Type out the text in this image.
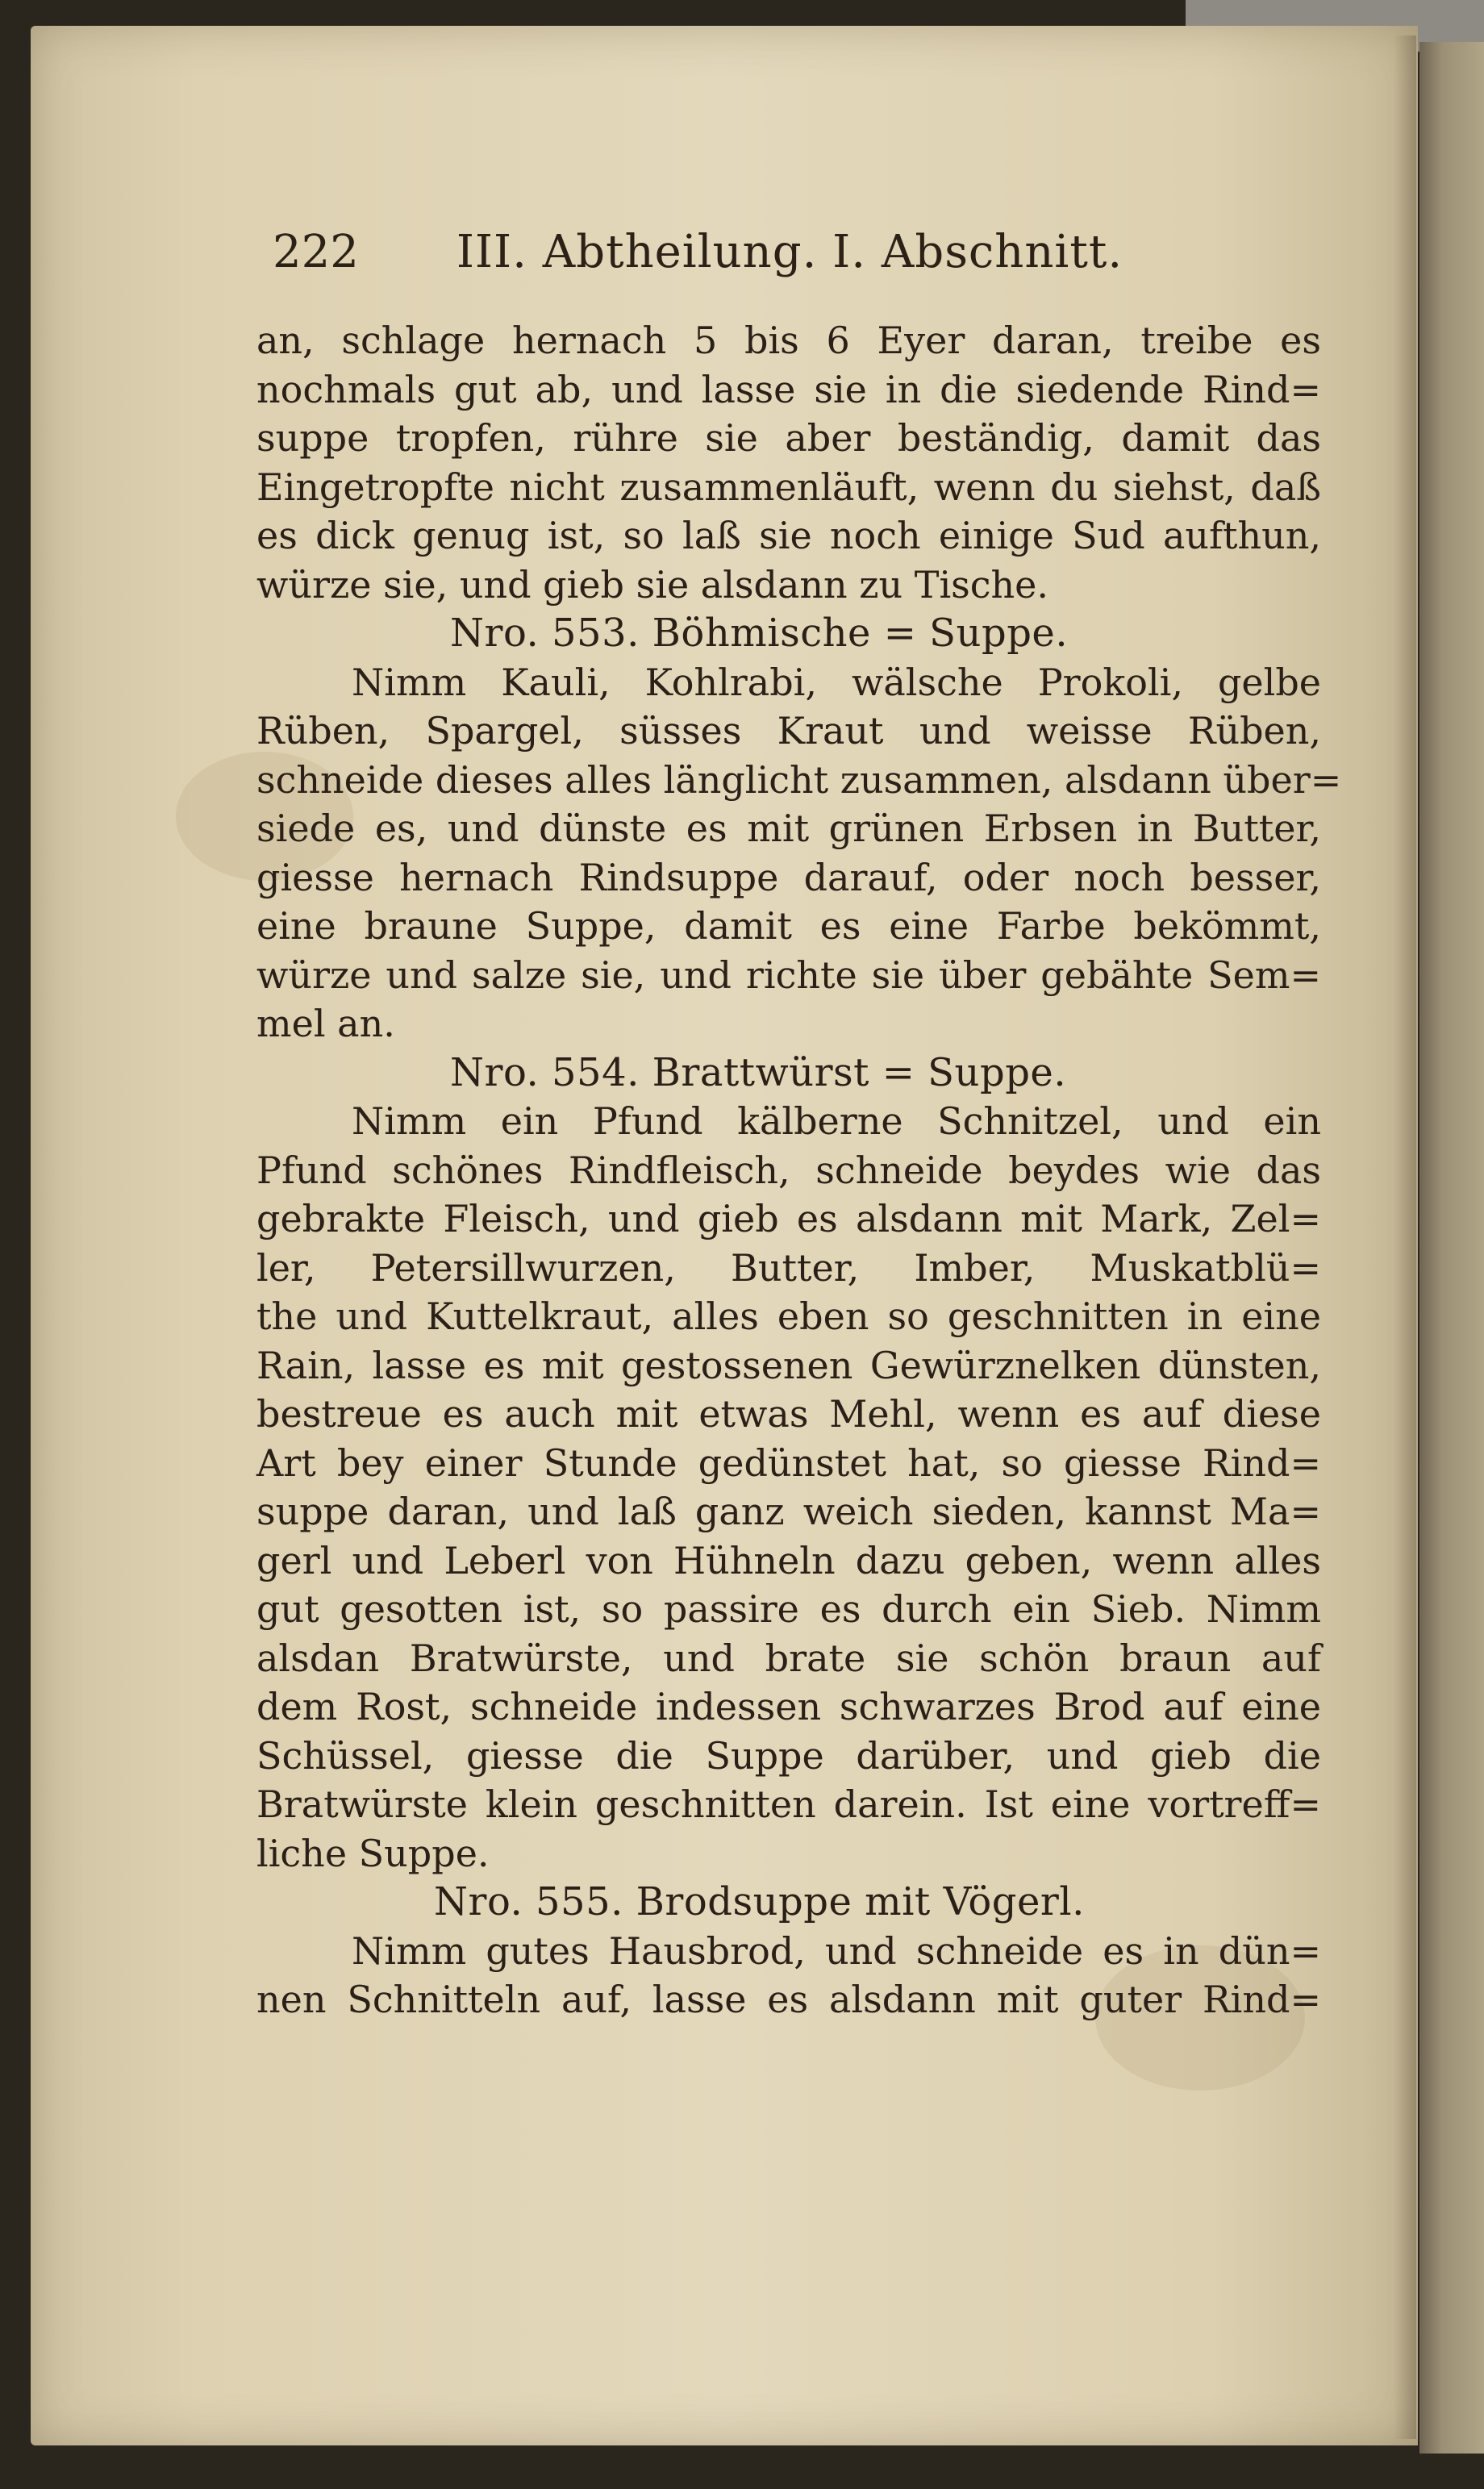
222 III. Abtheilung. I. Abschnitt.
an, schlage hernach 5 bis 6 Eyer daran, treibe es
nochmals gut ab, und lasse sie in die siedende Rind=
suppe tropfen, rühre sie aber beständig, damit das
Eingetropfte nicht zusammenläuft, wenn du siehst, daß
es dick genug ist, so laß sie noch einige Sud aufthun,
würze sie, und gieb sie alsdann zu Tische.
Nro. 553. Böhmische = Suppe.
Nimm Kauli, Kohlrabi, wälsche Prokoli, gelbe
Rüben, Spargel, süsses Kraut und weisse Rüben,
schneide dieses alles länglicht zusammen, alsdann über=
siede es, und dünste es mit grünen Erbsen in Butter,
giesse hernach Rindsuppe darauf, oder noch besser,
eine braune Suppe, damit es eine Farbe bekömmt,
würze und salze sie, und richte sie über gebähte Sem=
mel an.
Nro. 554. Brattwürst = Suppe.
Nimm ein Pfund kälberne Schnitzel, und ein
Pfund schönes Rindfleisch, schneide beydes wie das
gebrakte Fleisch, und gieb es alsdann mit Mark, Zel=
ler, Petersillwurzen, Butter, Imber, Muskatblü=
the und Kuttelkraut, alles eben so geschnitten in eine
Rain, lasse es mit gestossenen Gewürznelken dünsten,
bestreue es auch mit etwas Mehl, wenn es auf diese
Art bey einer Stunde gedünstet hat, so giesse Rind=
suppe daran, und laß ganz weich sieden, kannst Ma=
gerl und Leberl von Hühneln dazu geben, wenn alles
gut gesotten ist, so passire es durch ein Sieb. Nimm
alsdan Bratwürste, und brate sie schön braun auf
dem Rost, schneide indessen schwarzes Brod auf eine
Schüssel, giesse die Suppe darüber, und gieb die
Bratwürste klein geschnitten darein. Ist eine vortreff=
liche Suppe.
Nro. 555. Brodsuppe mit Vögerl.
Nimm gutes Hausbrod, und schneide es in dün=
nen Schnitteln auf, lasse es alsdann mit guter Rind=
